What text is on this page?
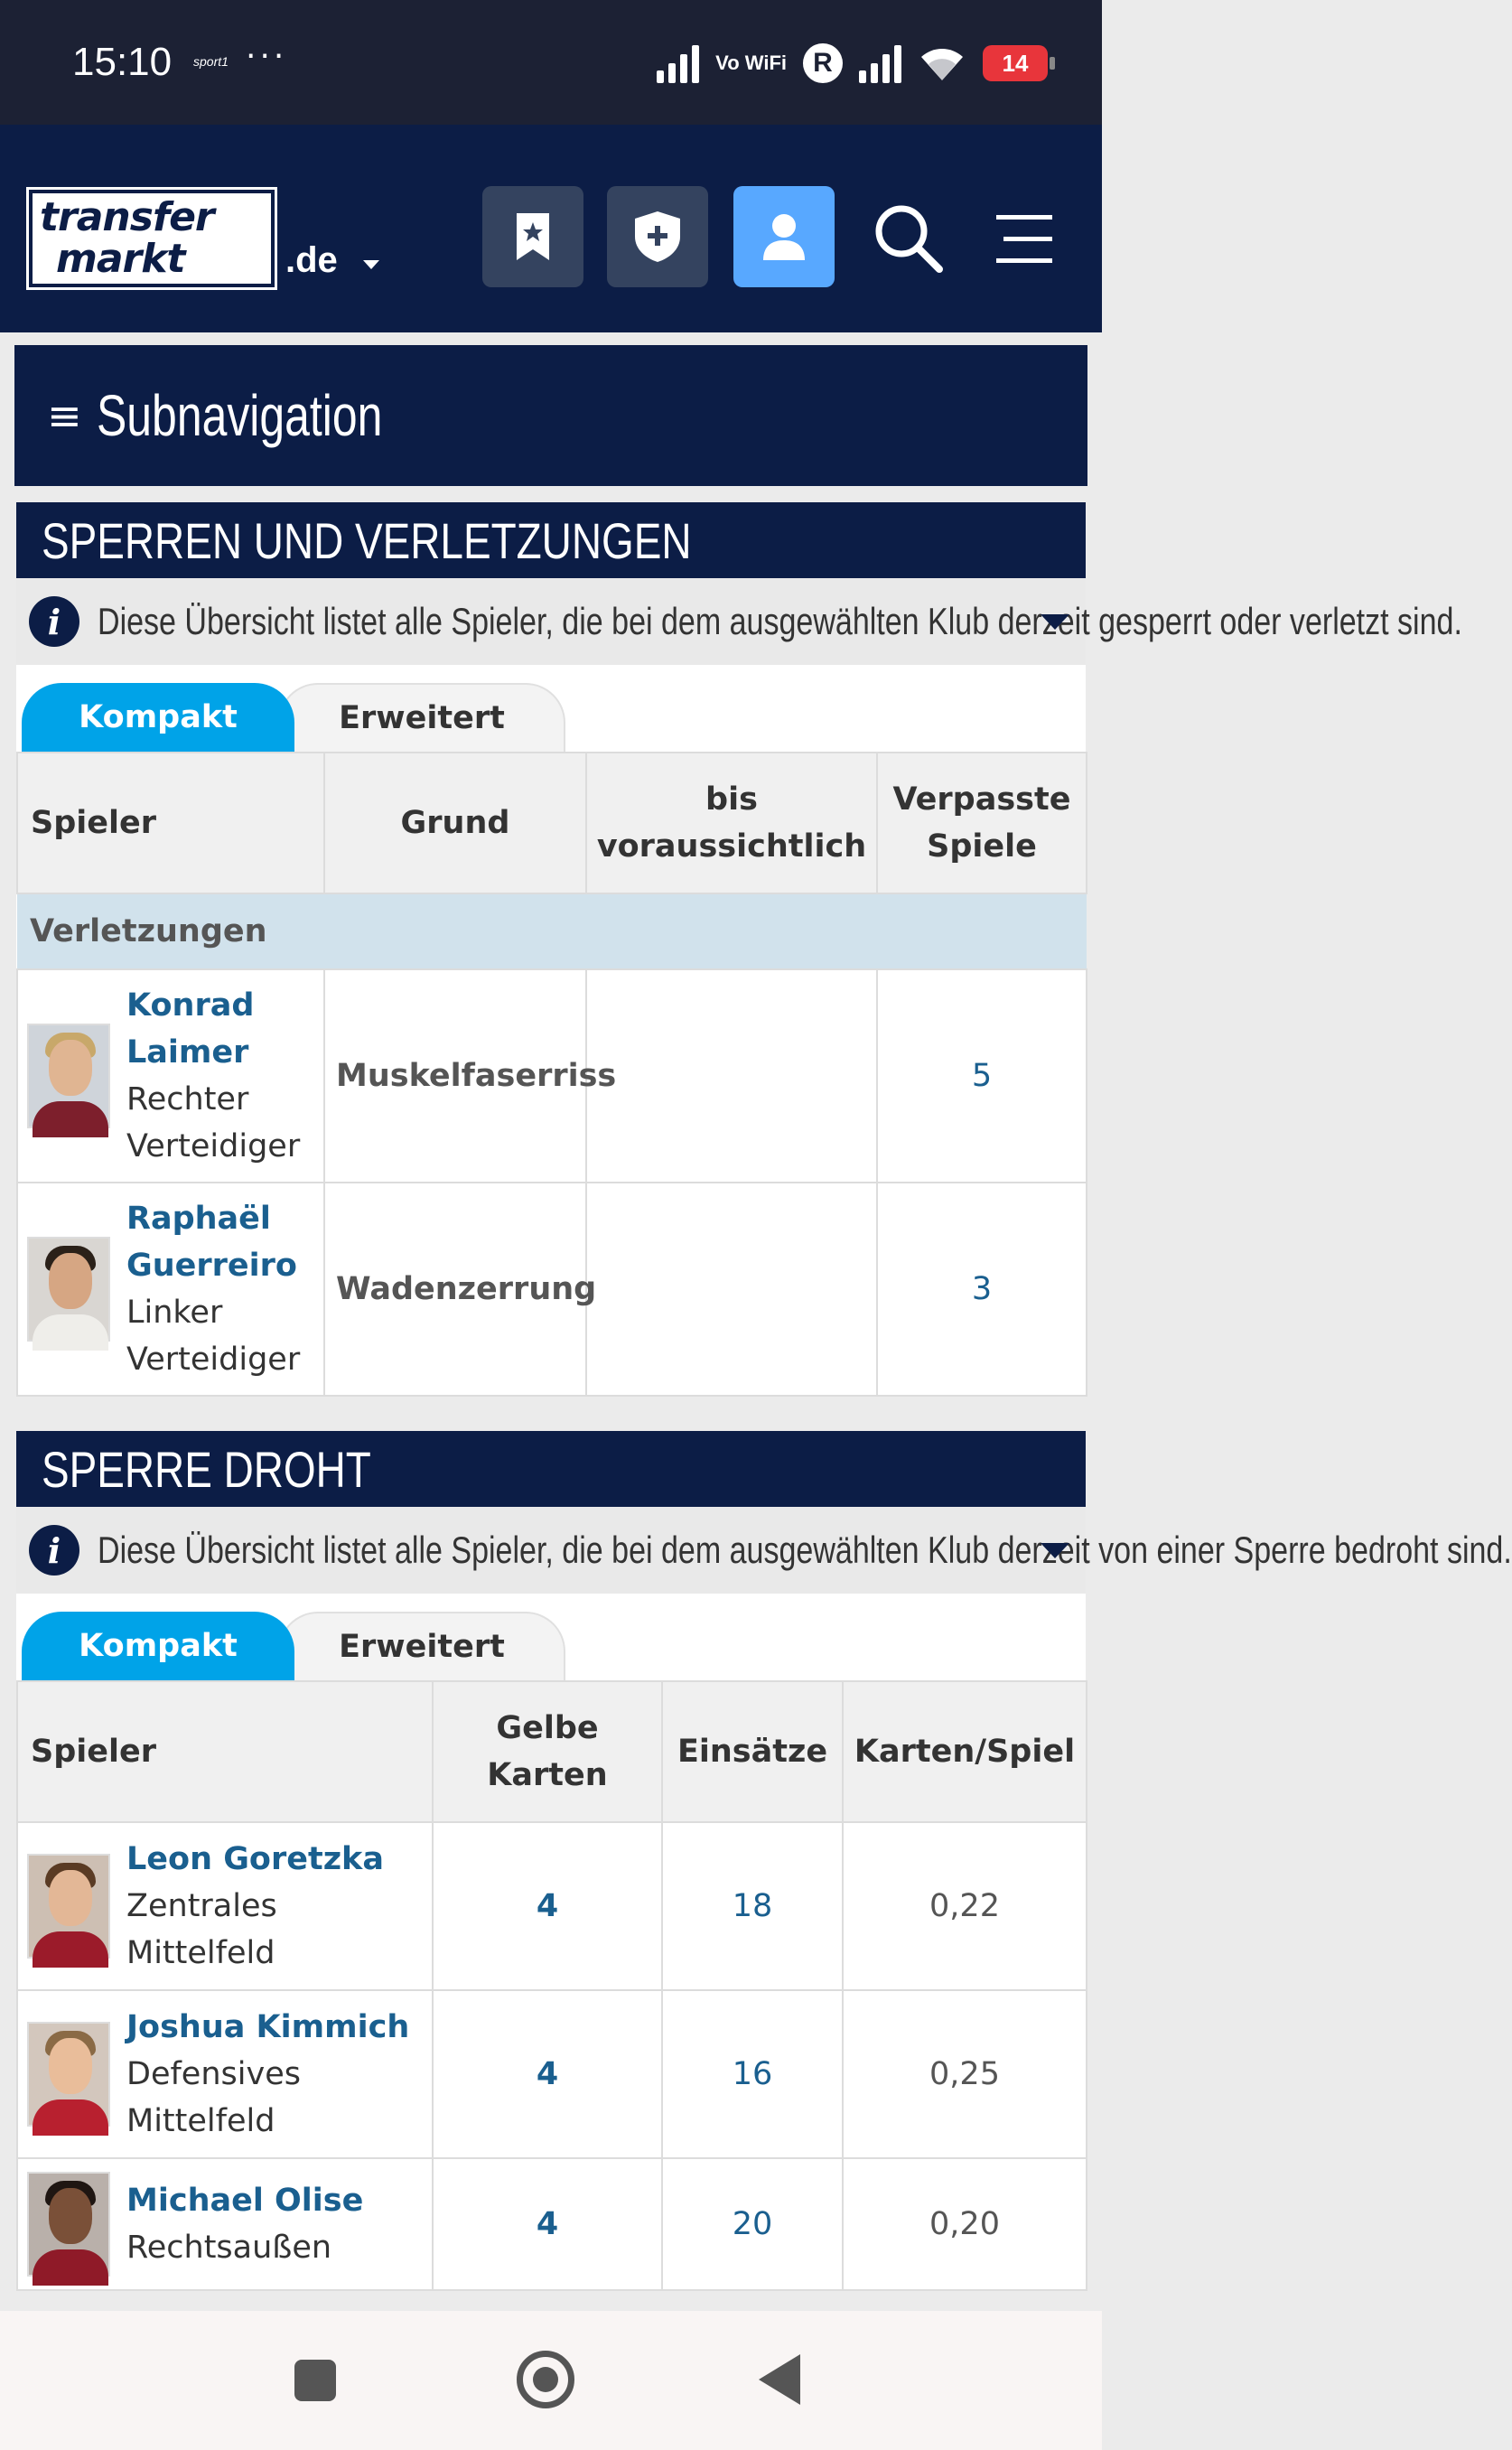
15:10 sport1 ···	Vo WiFi R	14
transfer
markt	.de
≡ Subnavigation
SPERREN UND VERLETZUNGEN
i Diese Übersicht listet alle Spieler, die bei dem ausgewählten Klub derzeit gesperrt oder verletzt sind.
Erweitert
Kompakt
Spieler	Grund	bis voraussichtlich	Verpasste Spiele
Verletzungen			

Konrad
Laimer
Rechter
Verteidiger	Muskelfaserriss		5

Raphaël
Guerreiro
Linker
Verteidiger	Wadenzerrung		3
SPERRE DROHT
i Diese Übersicht listet alle Spieler, die bei dem ausgewählten Klub derzeit von einer Sperre bedroht sind.
Erweitert
Kompakt
Spieler	Gelbe Karten	Einsätze	Karten/Spiel

Leon Goretzka
Zentrales
Mittelfeld	4	18	0,22

Joshua Kimmich
Defensives
Mittelfeld	4	16	0,25

Michael Olise
Rechtsaußen	4	20	0,20
